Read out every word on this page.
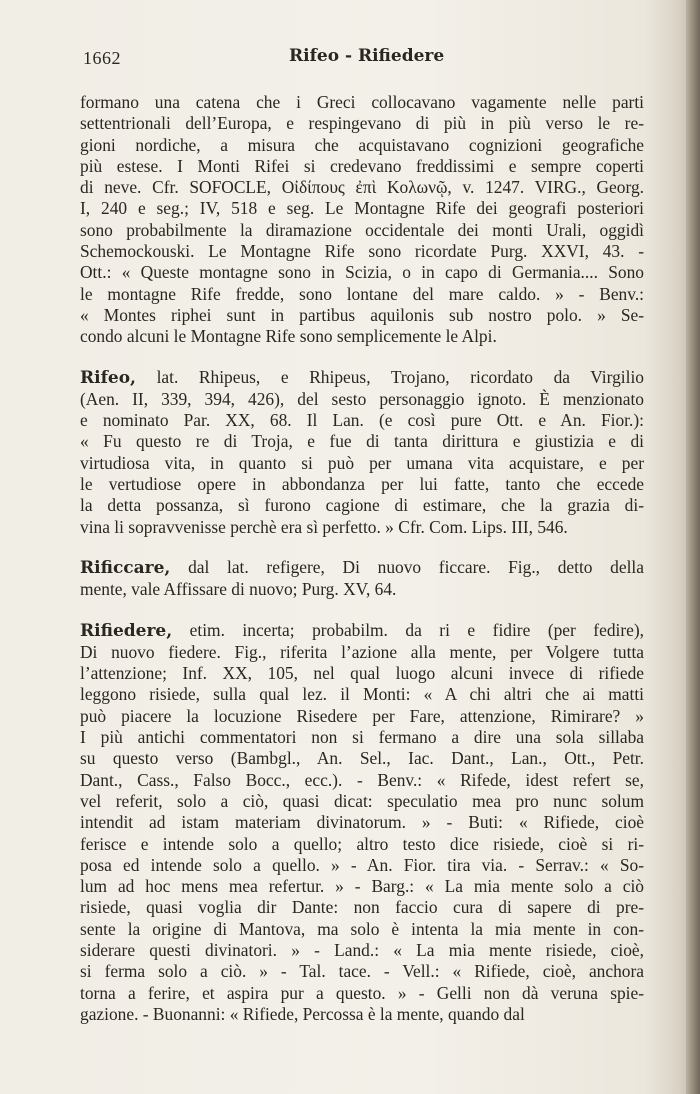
1662	Rifeo - Rifiedere
formano una catena che i Greci collocavano vagamente nelle parti
settentrionali dell’Europa, e respingevano di più in più verso le re-
gioni nordiche, a misura che acquistavano cognizioni geografiche
più estese. I Monti Rifei si credevano freddissimi e sempre coperti
di neve. Cfr. SOFOCLE, Οἰδίπους ἐπὶ Κολωνῷ, v. 1247. VIRG., Georg.
I, 240 e seg.; IV, 518 e seg. Le Montagne Rife dei geografi posteriori
sono probabilmente la diramazione occidentale dei monti Urali, oggidì
Schemockouski. Le Montagne Rife sono ricordate Purg. XXVI, 43. -
Ott.: « Queste montagne sono in Scizia, o in capo di Germania.... Sono
le montagne Rife fredde, sono lontane del mare caldo. » - Benv.:
« Montes riphei sunt in partibus aquilonis sub nostro polo. » Se-
condo alcuni le Montagne Rife sono semplicemente le Alpi.
Rifeo, lat. Rhipeus, e Rhipeus, Trojano, ricordato da Virgilio
(Aen. II, 339, 394, 426), del sesto personaggio ignoto. È menzionato
e nominato Par. XX, 68. Il Lan. (e così pure Ott. e An. Fior.):
« Fu questo re di Troja, e fue di tanta dirittura e giustizia e di
virtudiosa vita, in quanto si può per umana vita acquistare, e per
le vertudiose opere in abbondanza per lui fatte, tanto che eccede
la detta possanza, sì furono cagione di estimare, che la grazia di-
vina li sopravvenisse perchè era sì perfetto. » Cfr. Com. Lips. III, 546.
Rificcare, dal lat. refigere, Di nuovo ficcare. Fig., detto della
mente, vale Affissare di nuovo; Purg. XV, 64.
Rifiedere, etim. incerta; probabilm. da ri e fidire (per fedire),
Di nuovo fiedere. Fig., riferita l’azione alla mente, per Volgere tutta
l’attenzione; Inf. XX, 105, nel qual luogo alcuni invece di rifiede
leggono risiede, sulla qual lez. il Monti: « A chi altri che ai matti
può piacere la locuzione Risedere per Fare, attenzione, Rimirare? »
I più antichi commentatori non si fermano a dire una sola sillaba
su questo verso (Bambgl., An. Sel., Iac. Dant., Lan., Ott., Petr.
Dant., Cass., Falso Bocc., ecc.). - Benv.: « Rifede, idest refert se,
vel referit, solo a ciò, quasi dicat: speculatio mea pro nunc solum
intendit ad istam materiam divinatorum. » - Buti: « Rifiede, cioè
ferisce e intende solo a quello; altro testo dice risiede, cioè si ri-
posa ed intende solo a quello. » - An. Fior. tira via. - Serrav.: « So-
lum ad hoc mens mea refertur. » - Barg.: « La mia mente solo a ciò
risiede, quasi voglia dir Dante: non faccio cura di sapere di pre-
sente la origine di Mantova, ma solo è intenta la mia mente in con-
siderare questi divinatori. » - Land.: « La mia mente risiede, cioè,
si ferma solo a ciò. » - Tal. tace. - Vell.: « Rifiede, cioè, anchora
torna a ferire, et aspira pur a questo. » - Gelli non dà veruna spie-
gazione. - Buonanni: « Rifiede, Percossa è la mente, quando dal
